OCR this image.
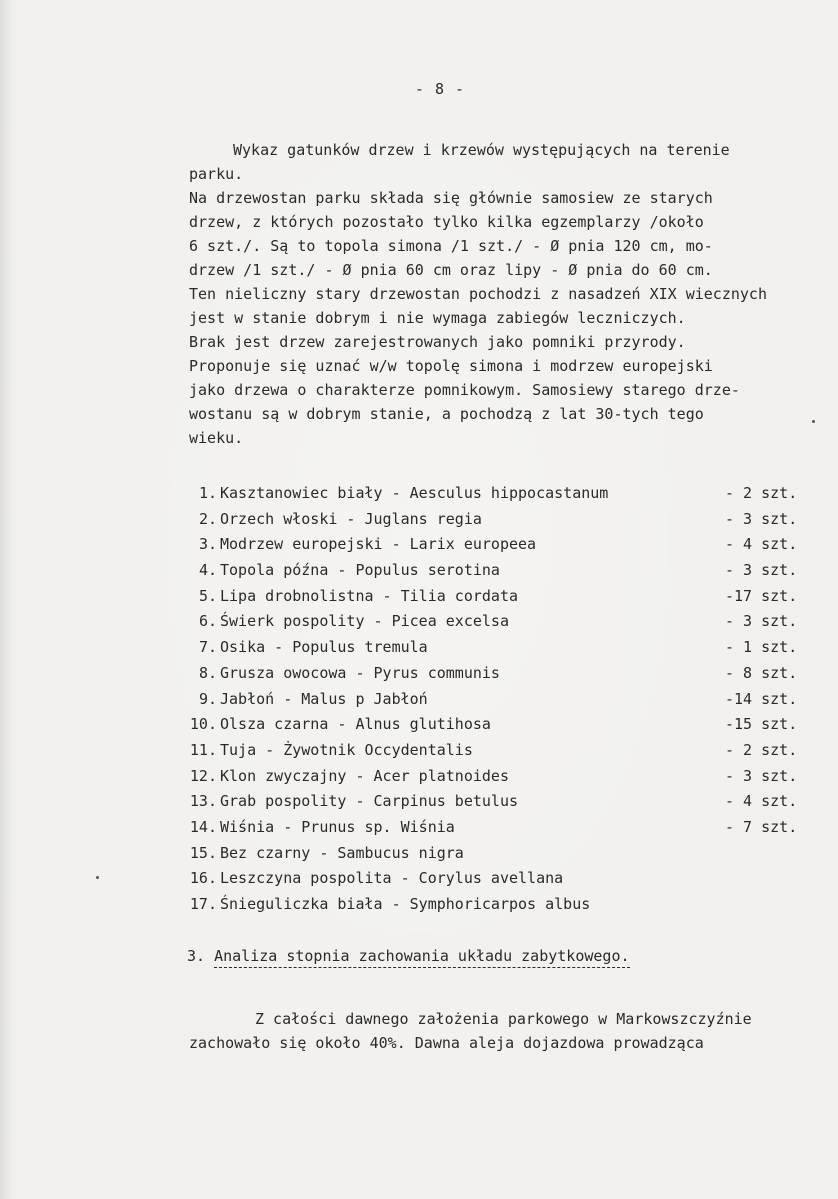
- 8 -
Wykaz gatunków drzew i krzewów występujących na terenie
parku.
Na drzewostan parku składa się głównie samosiew ze starych
drzew, z których pozostało tylko kilka egzemplarzy /około
6 szt./. Są to topola simona /1 szt./ - Ø pnia 120 cm, mo-
drzew /1 szt./ - Ø pnia 60 cm oraz lipy - Ø pnia do 60 cm.
Ten nieliczny stary drzewostan pochodzi z nasadzeń XIX wiecznych
jest w stanie dobrym i nie wymaga zabiegów leczniczych.
Brak jest drzew zarejestrowanych jako pomniki przyrody.
Proponuje się uznać w/w topolę simona i modrzew europejski
jako drzewa o charakterze pomnikowym. Samosiewy starego drze-
wostanu są w dobrym stanie, a pochodzą z lat 30-tych tego
wieku.
1. Kasztanowiec biały - Aesculus hippocastanum	- 2 szt.
2. Orzech włoski - Juglans regia	- 3 szt.
3. Modrzew europejski - Larix europeea	- 4 szt.
4. Topola późna - Populus serotina	- 3 szt.
5. Lipa drobnolistna - Tilia cordata	-17 szt.
6. Świerk pospolity - Picea excelsa	- 3 szt.
7. Osika - Populus tremula	- 1 szt.
8. Grusza owocowa - Pyrus communis	- 8 szt.
9. Jabłoń - Malus p Jabłoń	-14 szt.
10. Olsza czarna - Alnus glutihosa	-15 szt.
11. Tuja - Żywotnik Occydentalis	- 2 szt.
12. Klon zwyczajny - Acer platnoides	- 3 szt.
13. Grab pospolity - Carpinus betulus	- 4 szt.
14. Wiśnia - Prunus sp. Wiśnia	- 7 szt.
15. Bez czarny - Sambucus nigra
16. Leszczyna pospolita - Corylus avellana
17. Śnieguliczka biała - Symphoricarpos albus
3. Analiza stopnia zachowania układu zabytkowego.
Z całości dawnego założenia parkowego w Markowszczyźnie
zachowało się około 40%. Dawna aleja dojazdowa prowadząca
